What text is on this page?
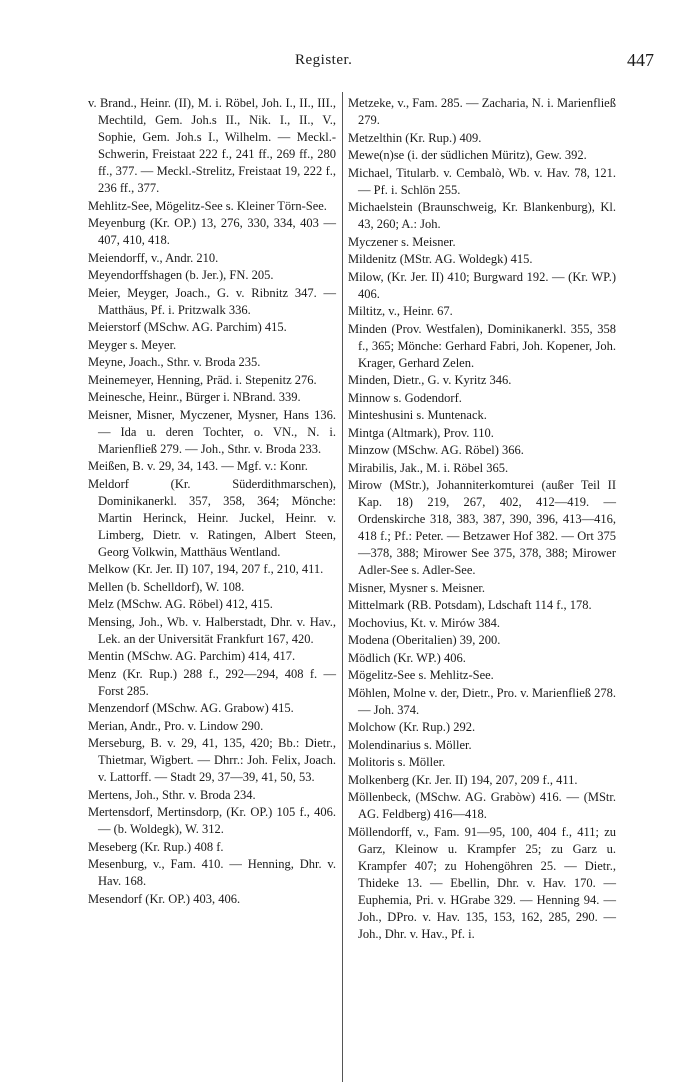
Register.	447

v. Brand., Heinr. (II), M. i. Röbel, Joh. I., II., III., Mechtild, Gem. Joh.s II., Nik. I., II., V., Sophie, Gem. Joh.s I., Wilhelm. — Meckl.-Schwerin, Freistaat 222 f., 241 ff., 269 ff., 280 ff., 377. — Meckl.-Strelitz, Freistaat 19, 222 f., 236 ff., 377.

Mehlitz-See, Mögelitz-See s. Kleiner Törn-See.

Meyenburg (Kr. OP.) 13, 276, 330, 334, 403 —407, 410, 418.

Meiendorff, v., Andr. 210.

Meyendorffshagen (b. Jer.), FN. 205.

Meier, Meyger, Joach., G. v. Ribnitz 347. — Matthäus, Pf. i. Pritzwalk 336.

Meierstorf (MSchw. AG. Parchim) 415.

Meyger s. Meyer.

Meyne, Joach., Sthr. v. Broda 235.

Meinemeyer, Henning, Präd. i. Stepenitz 276.

Meinesche, Heinr., Bürger i. NBrand. 339.

Meisner, Misner, Myczener, Mysner, Hans 136. — Ida u. deren Tochter, o. VN., N. i. Marienfließ 279. — Joh., Sthr. v. Broda 233.

Meißen, B. v. 29, 34, 143. — Mgf. v.: Konr.

Meldorf (Kr. Süderdithmarschen), Dominikanerkl. 357, 358, 364; Mönche: Martin Herinck, Heinr. Juckel, Heinr. v. Limberg, Dietr. v. Ratingen, Albert Steen, Georg Volkwin, Matthäus Wentland.

Melkow (Kr. Jer. II) 107, 194, 207 f., 210, 411.

Mellen (b. Schelldorf), W. 108.

Melz (MSchw. AG. Röbel) 412, 415.

Mensing, Joh., Wb. v. Halberstadt, Dhr. v. Hav., Lek. an der Universität Frankfurt 167, 420.

Mentin (MSchw. AG. Parchim) 414, 417.

Menz (Kr. Rup.) 288 f., 292—294, 408 f. — Forst 285.

Menzendorf (MSchw. AG. Grabow) 415.

Merian, Andr., Pro. v. Lindow 290.

Merseburg, B. v. 29, 41, 135, 420; Bb.: Dietr., Thietmar, Wigbert. — Dhrr.: Joh. Felix, Joach. v. Lattorff. — Stadt 29, 37—39, 41, 50, 53.

Mertens, Joh., Sthr. v. Broda 234.

Mertensdorf, Mertinsdorp, (Kr. OP.) 105 f., 406. — (b. Woldegk), W. 312.

Meseberg (Kr. Rup.) 408 f.

Mesenburg, v., Fam. 410. — Henning, Dhr. v. Hav. 168.

Mesendorf (Kr. OP.) 403, 406.

Metzeke, v., Fam. 285. — Zacharia, N. i. Marienfließ 279.

Metzelthin (Kr. Rup.) 409.

Mewe(n)se (i. der südlichen Müritz), Gew. 392.

Michael, Titularb. v. Cembalò, Wb. v. Hav. 78, 121. — Pf. i. Schlön 255.

Michaelstein (Braunschweig, Kr. Blankenburg), Kl. 43, 260; A.: Joh.

Myczener s. Meisner.

Mildenitz (MStr. AG. Woldegk) 415.

Milow, (Kr. Jer. II) 410; Burgward 192. — (Kr. WP.) 406.

Miltitz, v., Heinr. 67.

Minden (Prov. Westfalen), Dominikanerkl. 355, 358 f., 365; Mönche: Gerhard Fabri, Joh. Kopener, Joh. Krager, Gerhard Zelen.

Minden, Dietr., G. v. Kyritz 346.

Minnow s. Godendorf.

Minteshusini s. Muntenack.

Mintga (Altmark), Prov. 110.

Minzow (MSchw. AG. Röbel) 366.

Mirabilis, Jak., M. i. Röbel 365.

Mirow (MStr.), Johanniterkomturei (außer Teil II Kap. 18) 219, 267, 402, 412—419. — Ordenskirche 318, 383, 387, 390, 396, 413—416, 418 f.; Pf.: Peter. — Betzawer Hof 382. — Ort 375—378, 388; Mirower See 375, 378, 388; Mirower Adler-See s. Adler-See.

Misner, Mysner s. Meisner.

Mittelmark (RB. Potsdam), Ldschaft 114 f., 178.

Mochovius, Kt. v. Mirów 384.

Modena (Oberitalien) 39, 200.

Mödlich (Kr. WP.) 406.

Mögelitz-See s. Mehlitz-See.

Möhlen, Molne v. der, Dietr., Pro. v. Marienfließ 278. — Joh. 374.

Molchow (Kr. Rup.) 292.

Molendinarius s. Möller.

Molitoris s. Möller.

Molkenberg (Kr. Jer. II) 194, 207, 209 f., 411.

Möllenbeck, (MSchw. AG. Grabòw) 416. — (MStr. AG. Feldberg) 416—418.

Möllendorff, v., Fam. 91—95, 100, 404 f., 411; zu Garz, Kleinow u. Krampfer 25; zu Garz u. Krampfer 407; zu Hohengöhren 25. — Dietr., Thideke 13. — Ebellin, Dhr. v. Hav. 170. — Euphemia, Pri. v. HGrabe 329. — Henning 94. — Joh., DPro. v. Hav. 135, 153, 162, 285, 290. — Joh., Dhr. v. Hav., Pf. i.
